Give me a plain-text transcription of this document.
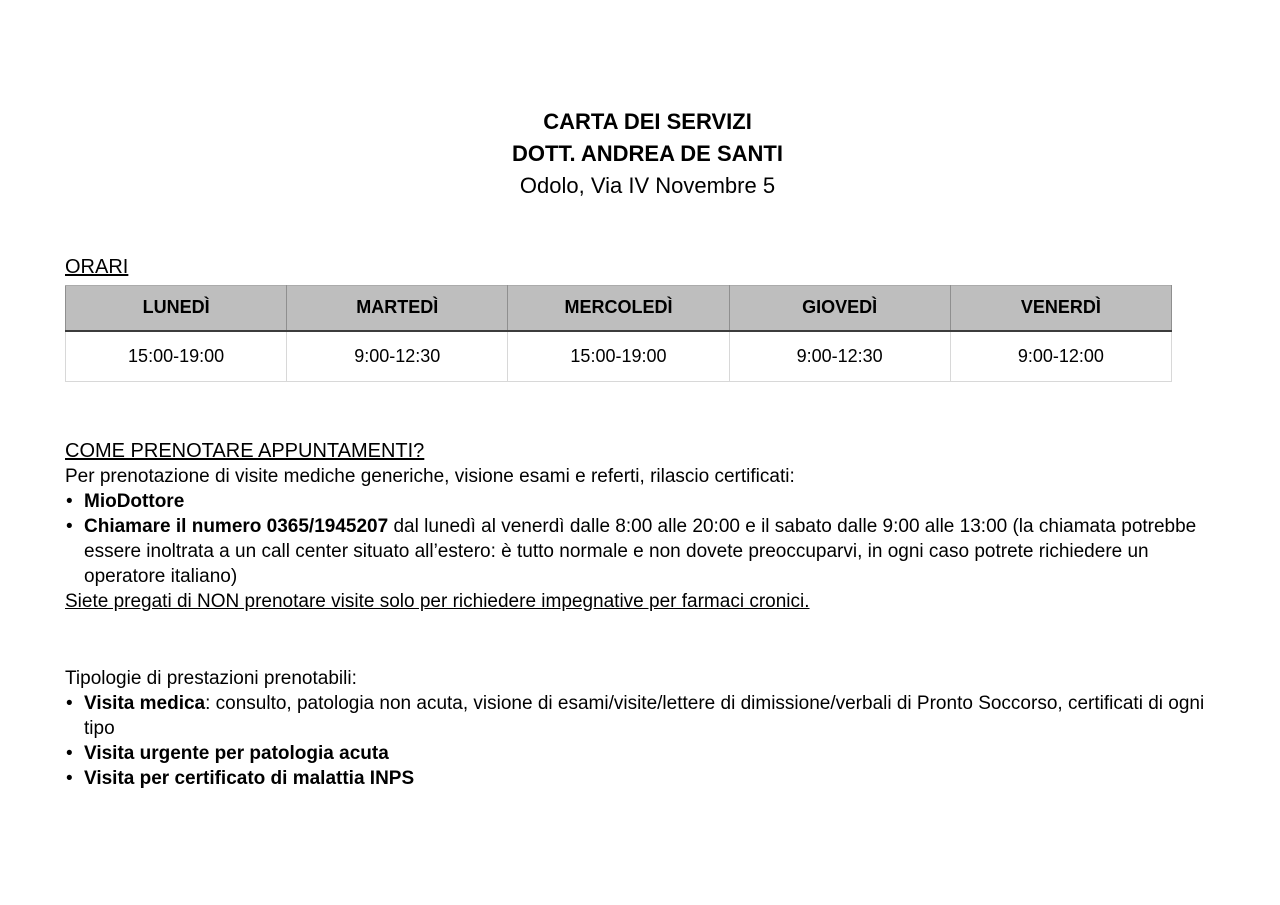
CARTA DEI SERVIZI
DOTT. ANDREA DE SANTI
Odolo, Via IV Novembre 5
ORARI
LUNEDÌ	MARTEDÌ	MERCOLEDÌ	GIOVEDÌ	VENERDÌ
15:00-19:00	9:00-12:30	15:00-19:00	9:00-12:30	9:00-12:00
COME PRENOTARE APPUNTAMENTI?

Per prenotazione di visite mediche generiche, visione esami e referti, rilascio certificati:

• MioDottore
• Chiamare il numero 0365/1945207 dal lunedì al venerdì dalle 8:00 alle 20:00 e il sabato dalle 9:00 alle 13:00 (la chiamata potrebbe essere inoltrata a un call center situato all’estero: è tutto normale e non dovete preoccuparvi, in ogni caso potrete richiedere un operatore italiano)

Siete pregati di NON prenotare visite solo per richiedere impegnative per farmaci cronici.

Tipologie di prestazioni prenotabili:

• Visita medica: consulto, patologia non acuta, visione di esami/visite/lettere di dimissione/verbali di Pronto Soccorso, certificati di ogni tipo
• Visita urgente per patologia acuta
• Visita per certificato di malattia INPS
